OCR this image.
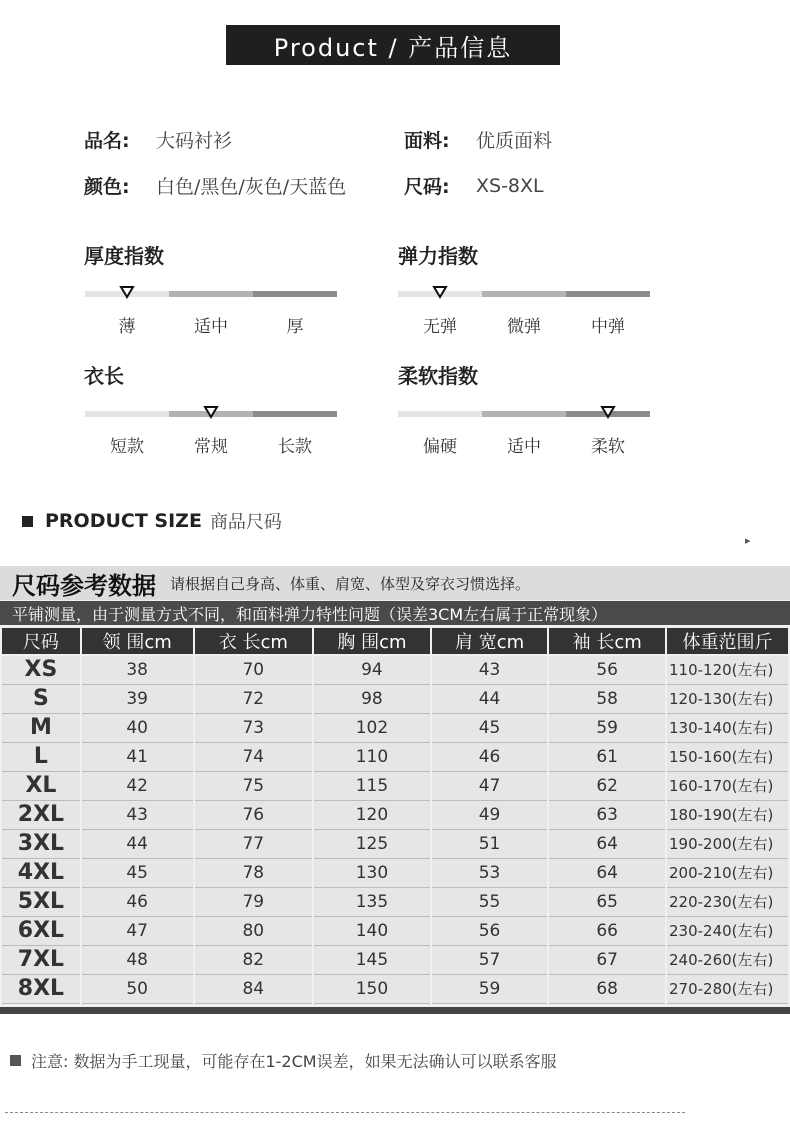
Product / 产品信息
品名:	大码衬衫	面料:	优质面料
颜色:	白色/黑色/灰色/天蓝色	尺码:	XS-8XL
厚度指数
薄	适中	厚
弹力指数
无弹	微弹	中弹
衣长
短款	常规	长款
柔软指数
偏硬	适中	柔软
PRODUCT SIZE 商品尺码
▸
尺码参考数据 请根据自己身高、体重、肩宽、体型及穿衣习惯选择。
平铺测量，由于测量方式不同，和面料弹力特性问题（误差3CM左右属于正常现象）
尺码	领 围cm	衣 长cm	胸 围cm	肩 宽cm	袖 长cm	体重范围斤
XS	38	70	94	43	56	110-120(左右)
S	39	72	98	44	58	120-130(左右)
M	40	73	102	45	59	130-140(左右)
L	41	74	110	46	61	150-160(左右)
XL	42	75	115	47	62	160-170(左右)
2XL	43	76	120	49	63	180-190(左右)
3XL	44	77	125	51	64	190-200(左右)
4XL	45	78	130	53	64	200-210(左右)
5XL	46	79	135	55	65	220-230(左右)
6XL	47	80	140	56	66	230-240(左右)
7XL	48	82	145	57	67	240-260(左右)
8XL	50	84	150	59	68	270-280(左右)
注意: 数据为手工现量，可能存在1-2CM误差，如果无法确认可以联系客服
